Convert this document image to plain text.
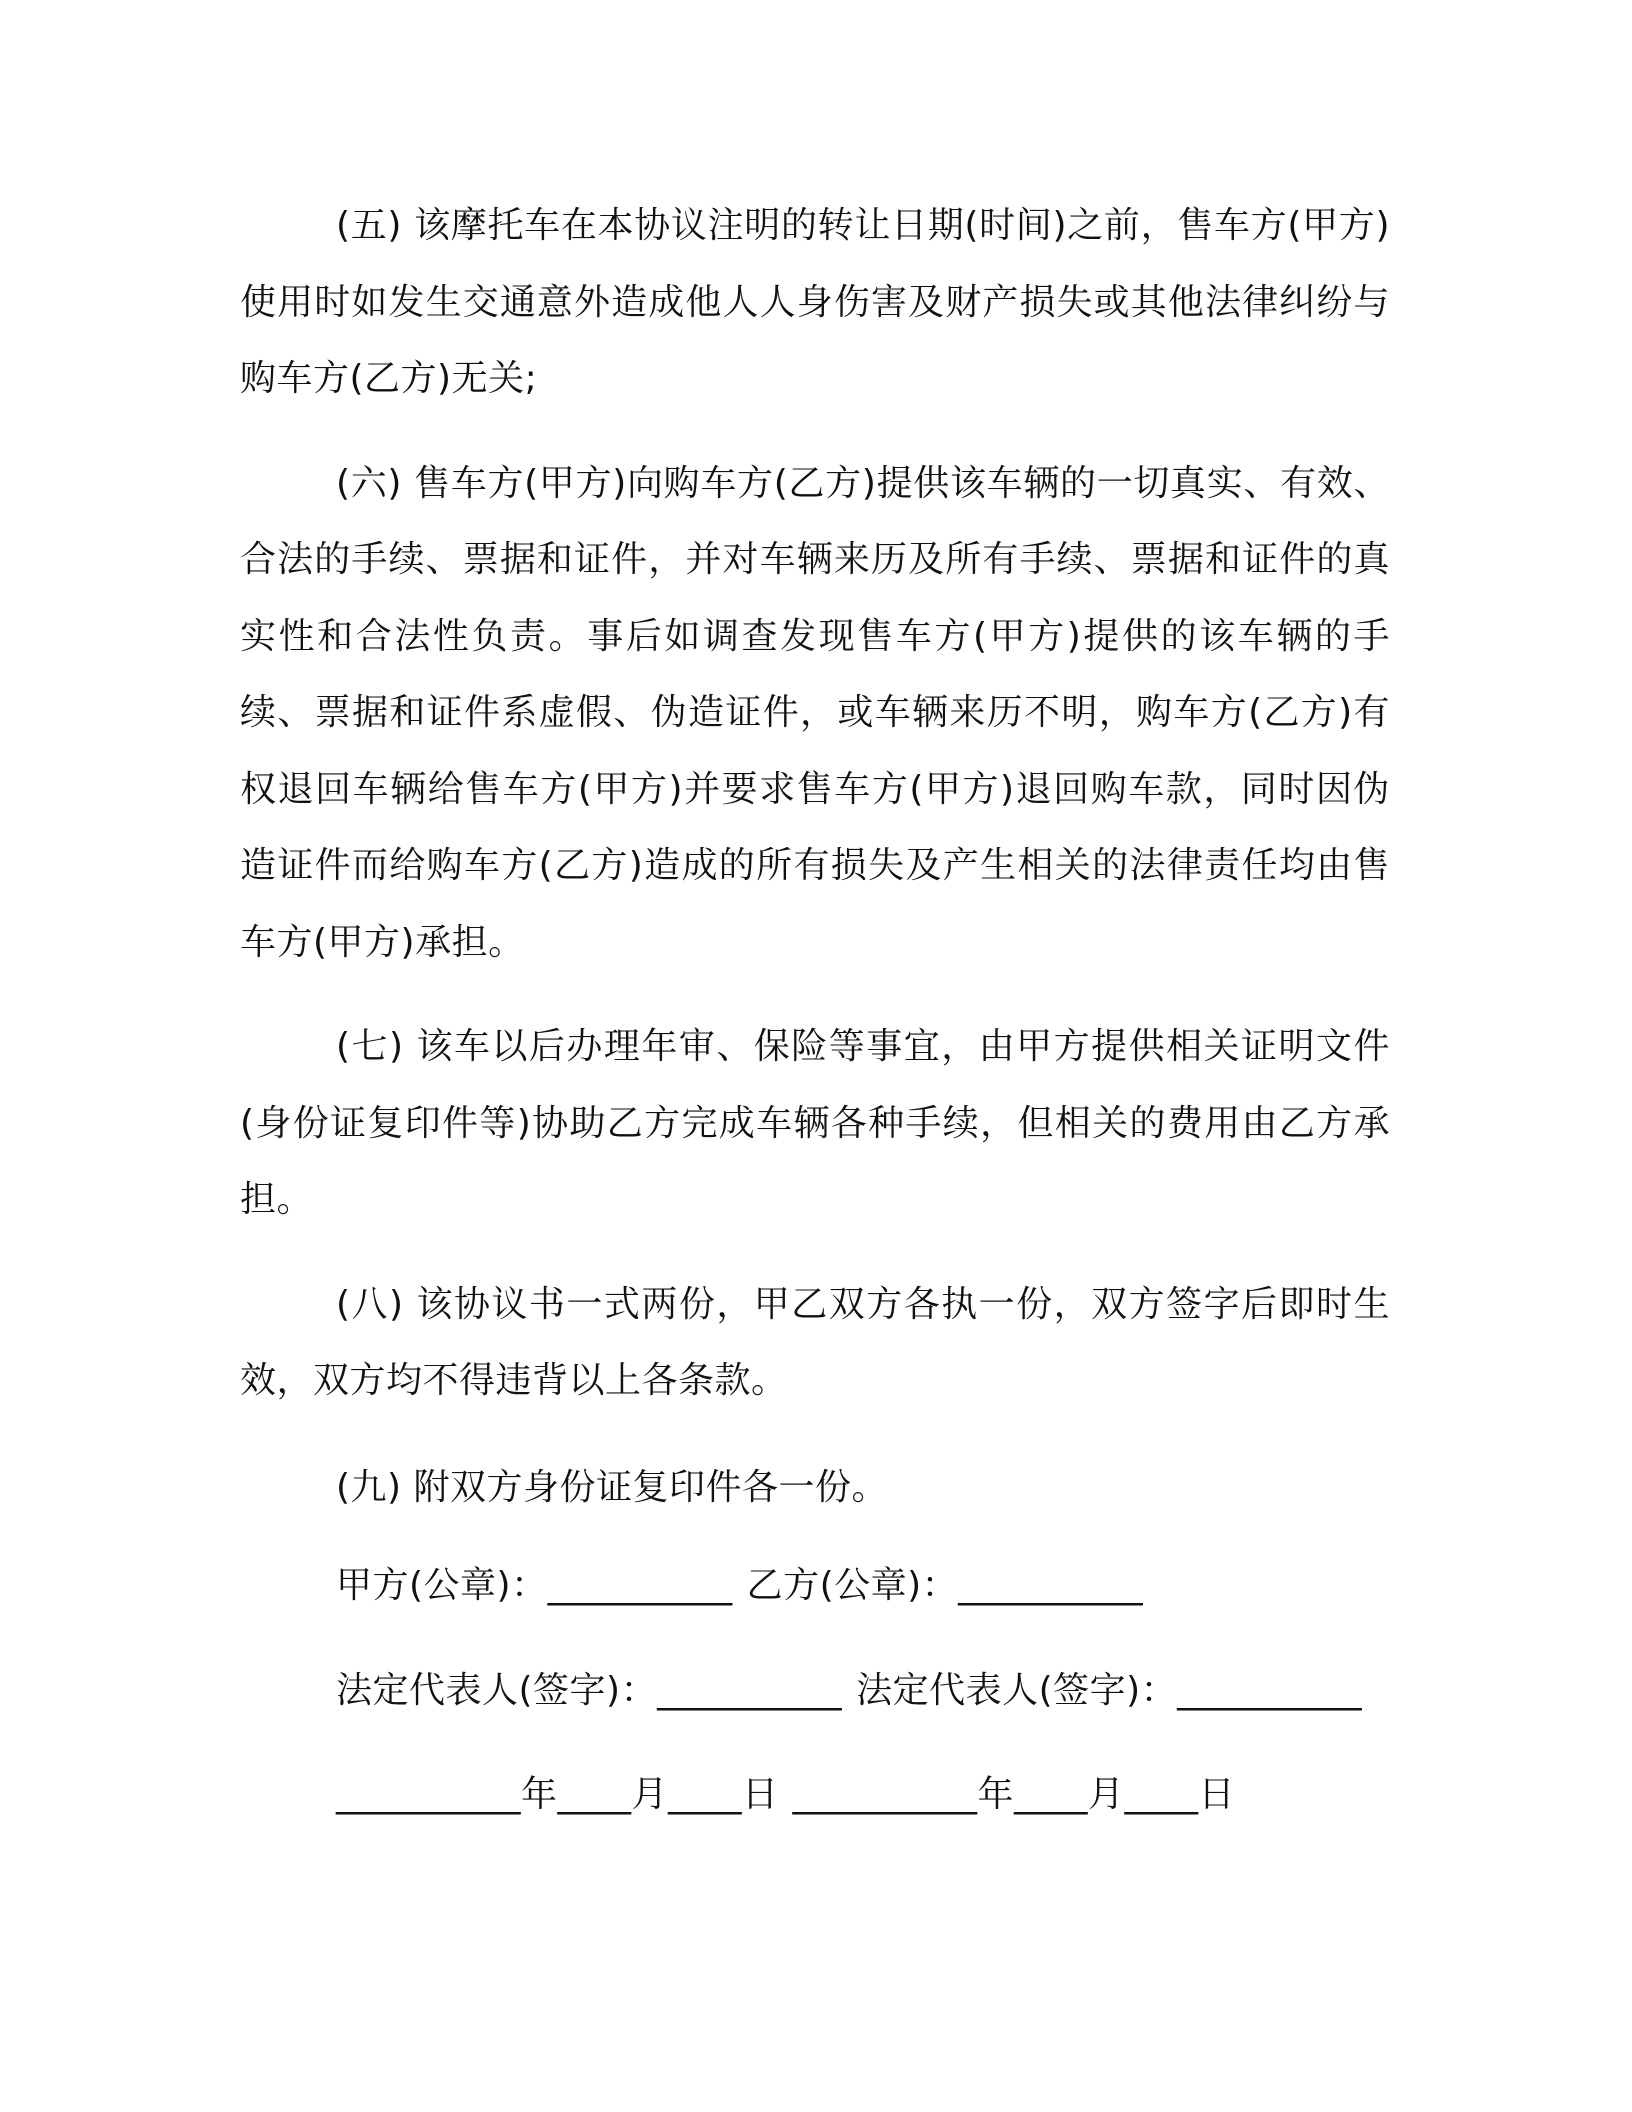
(五) 该摩托车在本协议注明的转让日期(时间)之前，售车方(甲方)使用时如发生交通意外造成他人人身伤害及财产损失或其他法律纠纷与购车方(乙方)无关;

(六) 售车方(甲方)向购车方(乙方)提供该车辆的一切真实、有效、合法的手续、票据和证件，并对车辆来历及所有手续、票据和证件的真实性和合法性负责。事后如调查发现售车方(甲方)提供的该车辆的手续、票据和证件系虚假、伪造证件，或车辆来历不明，购车方(乙方)有权退回车辆给售车方(甲方)并要求售车方(甲方)退回购车款，同时因伪造证件而给购车方(乙方)造成的所有损失及产生相关的法律责任均由售车方(甲方)承担。

(七) 该车以后办理年审、保险等事宜，由甲方提供相关证明文件(身份证复印件等)协助乙方完成车辆各种手续，但相关的费用由乙方承担。

(八) 该协议书一式两份，甲乙双方各执一份，双方签字后即时生效，双方均不得违背以上各条款。

(九) 附双方身份证复印件各一份。

甲方(公章)：__________ 乙方(公章)：__________
法定代表人(签字)：__________ 法定代表人(签字)：__________
__________年____月____日 __________年____月____日
